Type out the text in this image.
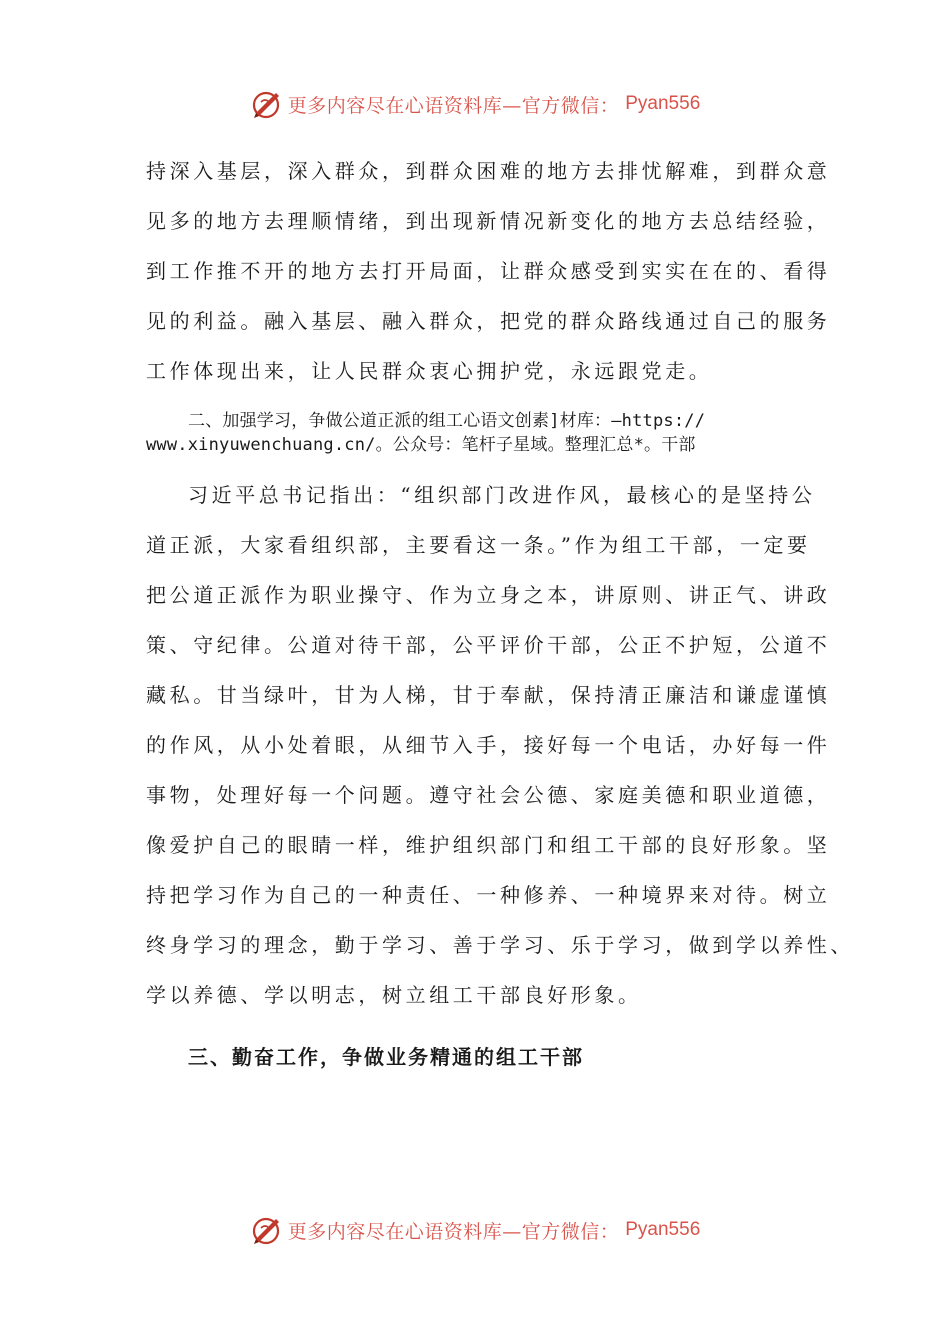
更多内容尽在心语资料库—官方微信： Pyan556
持深入基层，深入群众，到群众困难的地方去排忧解难，到群众意
见多的地方去理顺情绪，到出现新情况新变化的地方去总结经验，
到工作推不开的地方去打开局面，让群众感受到实实在在的、看得
见的利益。融入基层、融入群众，把党的群众路线通过自己的服务
工作体现出来，让人民群众衷心拥护党，永远跟党走。
二、加强学习，争做公道正派的组工心语文创素]材库：—https://
www.xinyuwenchuang.cn/。公众号：笔杆子星域。整理汇总*。干部
习近平总书记指出：“组织部门改进作风，最核心的是坚持公
道正派，大家看组织部，主要看这一条。”作为组工干部，一定要
把公道正派作为职业操守、作为立身之本，讲原则、讲正气、讲政
策、守纪律。公道对待干部，公平评价干部，公正不护短，公道不
藏私。甘当绿叶，甘为人梯，甘于奉献，保持清正廉洁和谦虚谨慎
的作风，从小处着眼，从细节入手，接好每一个电话，办好每一件
事物，处理好每一个问题。遵守社会公德、家庭美德和职业道德，
像爱护自己的眼睛一样，维护组织部门和组工干部的良好形象。坚
持把学习作为自己的一种责任、一种修养、一种境界来对待。树立
终身学习的理念，勤于学习、善于学习、乐于学习，做到学以养性、
学以养德、学以明志，树立组工干部良好形象。
三、勤奋工作，争做业务精通的组工干部
更多内容尽在心语资料库—官方微信： Pyan556
